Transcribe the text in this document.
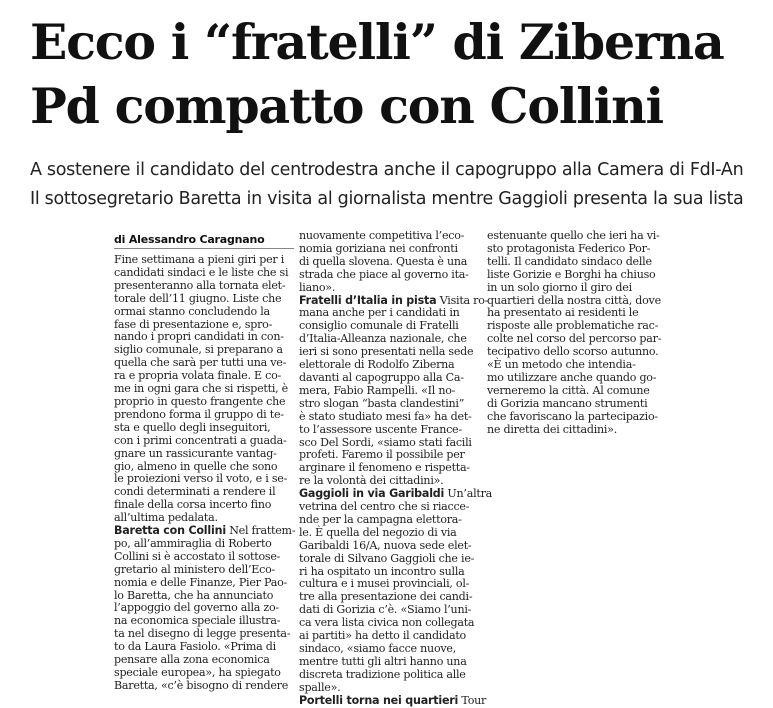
Ecco i “fratelli” di Ziberna
Pd compatto con Collini
A sostenere il candidato del centrodestra anche il capogruppo alla Camera di FdI-An
Il sottosegretario Baretta in visita al giornalista mentre Gaggioli presenta la sua lista
di Alessandro Caragnano
Fine settimana a pieni giri per i
candidati sindaci e le liste che si
presenteranno alla tornata elet-
torale dell’11 giugno. Liste che
ormai stanno concludendo la
fase di presentazione e, spro-
nando i propri candidati in con-
siglio comunale, si preparano a
quella che sarà per tutti una ve-
ra e propria volata finale. E co-
me in ogni gara che si rispetti, è
proprio in questo frangente che
prendono forma il gruppo di te-
sta e quello degli inseguitori,
con i primi concentrati a guada-
gnare un rassicurante vantag-
gio, almeno in quelle che sono
le proiezioni verso il voto, e i se-
condi determinati a rendere il
finale della corsa incerto fino
all’ultima pedalata.
Baretta con Collini Nel frattem-
po, all’ammiraglia di Roberto
Collini si è accostato il sottose-
gretario al ministero dell’Eco-
nomia e delle Finanze, Pier Pao-
lo Baretta, che ha annunciato
l’appoggio del governo alla zo-
na economica speciale illustra-
ta nel disegno di legge presenta-
to da Laura Fasiolo. «Prima di
pensare alla zona economica
speciale europea», ha spiegato
Baretta, «c’è bisogno di rendere
nuovamente competitiva l’eco-
nomia goriziana nei confronti
di quella slovena. Questa è una
strada che piace al governo ita-
liano».
Fratelli d’Italia in pista Visita ro-
mana anche per i candidati in
consiglio comunale di Fratelli
d’Italia-Alleanza nazionale, che
ieri si sono presentati nella sede
elettorale di Rodolfo Ziberna
davanti al capogruppo alla Ca-
mera, Fabio Rampelli. «Il no-
stro slogan “basta clandestini”
è stato studiato mesi fa» ha det-
to l’assessore uscente France-
sco Del Sordi, «siamo stati facili
profeti. Faremo il possibile per
arginare il fenomeno e rispetta-
re la volontà dei cittadini».
Gaggioli in via Garibaldi Un’altra
vetrina del centro che si riacce-
nde per la campagna elettora-
le. È quella del negozio di via
Garibaldi 16/A, nuova sede elet-
torale di Silvano Gaggioli che ie-
ri ha ospitato un incontro sulla
cultura e i musei provinciali, ol-
tre alla presentazione dei candi-
dati di Gorizia c’è. «Siamo l’uni-
ca vera lista civica non collegata
ai partiti» ha detto il candidato
sindaco, «siamo facce nuove,
mentre tutti gli altri hanno una
discreta tradizione politica alle
spalle».
Portelli torna nei quartieri Tour
estenuante quello che ieri ha vi-
sto protagonista Federico Por-
telli. Il candidato sindaco delle
liste Gorizie e Borghi ha chiuso
in un solo giorno il giro dei
quartieri della nostra città, dove
ha presentato ai residenti le
risposte alle problematiche rac-
colte nel corso del percorso par-
tecipativo dello scorso autunno.
«È un metodo che intendia-
mo utilizzare anche quando go-
verneremo la città. Al comune
di Gorizia mancano strumenti
che favoriscano la partecipazio-
ne diretta dei cittadini».
